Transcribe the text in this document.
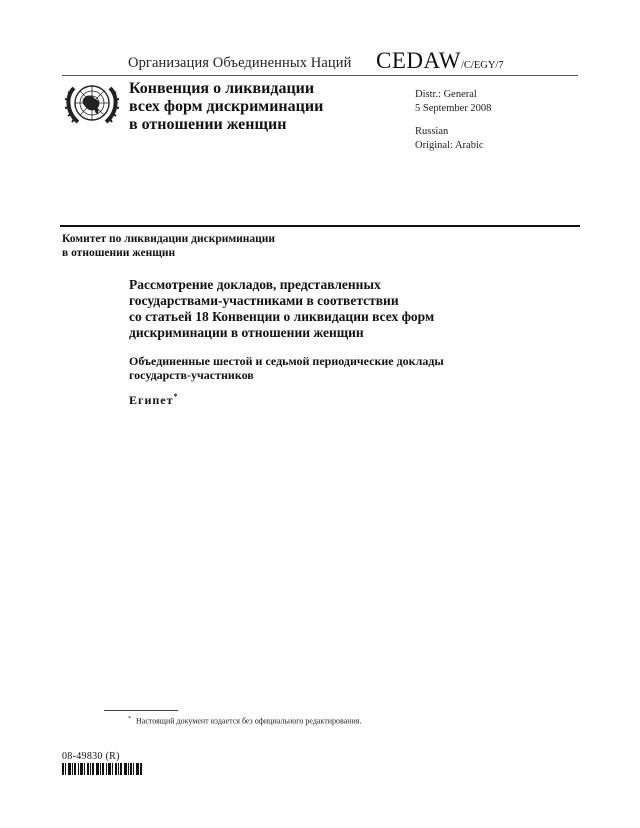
Организация Объединенных Наций CEDAW/C/EGY/7
Конвенция о ликвидации
всех форм дискриминации
в отношении женщин
Distr.: General
5 September 2008
Russian
Original: Arabic
Комитет по ликвидации дискриминации
в отношении женщин
Рассмотрение докладов, представленных
государствами-участниками в соответствии
со статьей 18 Конвенции о ликвидации всех форм
дискриминации в отношении женщин
Объединенные шестой и седьмой периодические доклады
государств-участников
Египет*
* Настоящий документ издается без официального редактирования.
08-49830 (R)
